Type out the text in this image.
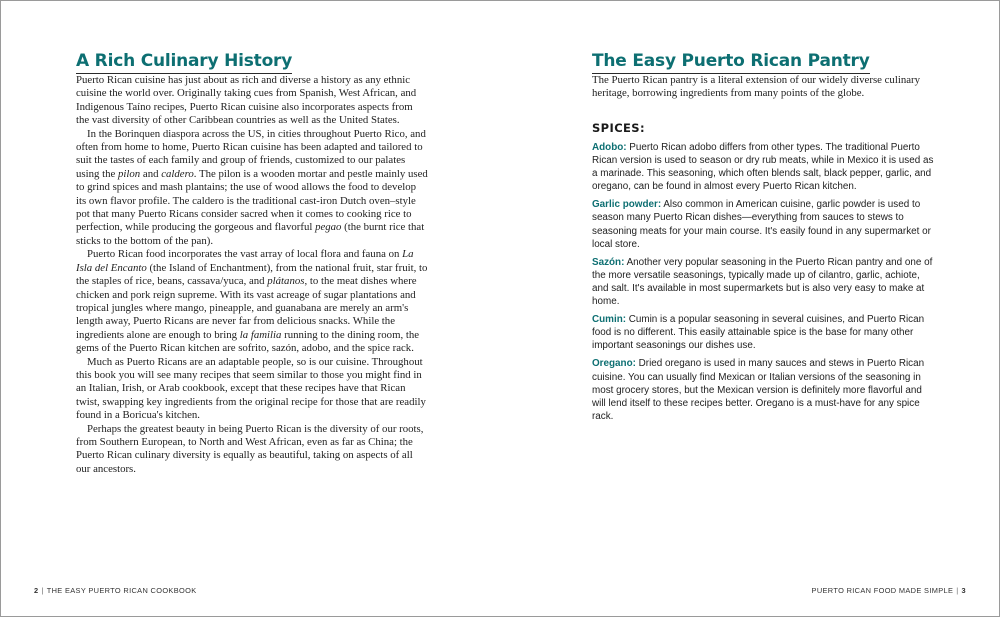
A Rich Culinary History

Puerto Rican cuisine has just about as rich and diverse a history as any ethnic cuisine the world over. Originally taking cues from Spanish, West African, and Indigenous Taíno recipes, Puerto Rican cuisine also incorporates aspects from the vast diversity of other Caribbean countries as well as the United States.

In the Borinquen diaspora across the US, in cities throughout Puerto Rico, and often from home to home, Puerto Rican cuisine has been adapted and tailored to suit the tastes of each family and group of friends, customized to our palates using the pilon and caldero. The pilon is a wooden mortar and pestle mainly used to grind spices and mash plantains; the use of wood allows the food to develop its own flavor profile. The caldero is the traditional cast-iron Dutch oven–style pot that many Puerto Ricans consider sacred when it comes to cooking rice to perfection, while producing the gorgeous and flavorful pegao (the burnt rice that sticks to the bottom of the pan).

Puerto Rican food incorporates the vast array of local flora and fauna on La Isla del Encanto (the Island of Enchantment), from the national fruit, star fruit, to the staples of rice, beans, cassava/yuca, and plátanos, to the meat dishes where chicken and pork reign supreme. With its vast acreage of sugar plantations and tropical jungles where mango, pineapple, and guanabana are merely an arm's length away, Puerto Ricans are never far from delicious snacks. While the ingredients alone are enough to bring la familia running to the dining room, the gems of the Puerto Rican kitchen are sofrito, sazón, adobo, and the spice rack.

Much as Puerto Ricans are an adaptable people, so is our cuisine. Throughout this book you will see many recipes that seem similar to those you might find in an Italian, Irish, or Arab cookbook, except that these recipes have that Rican twist, swapping key ingredients from the original recipe for those that are readily found in a Boricua's kitchen.

Perhaps the greatest beauty in being Puerto Rican is the diversity of our roots, from Southern European, to North and West African, even as far as China; the Puerto Rican culinary diversity is equally as beautiful, taking on aspects of all our ancestors.

2 | THE EASY PUERTO RICAN COOKBOOK

The Easy Puerto Rican Pantry

The Puerto Rican pantry is a literal extension of our widely diverse culinary heritage, borrowing ingredients from many points of the globe.

SPICES:

Adobo: Puerto Rican adobo differs from other types. The traditional Puerto Rican version is used to season or dry rub meats, while in Mexico it is used as a marinade. This seasoning, which often blends salt, black pepper, garlic, and oregano, can be found in almost every Puerto Rican kitchen.

Garlic powder: Also common in American cuisine, garlic powder is used to season many Puerto Rican dishes—everything from sauces to stews to seasoning meats for your main course. It's easily found in any supermarket or local store.

Sazón: Another very popular seasoning in the Puerto Rican pantry and one of the more versatile seasonings, typically made up of cilantro, garlic, achiote, and salt. It's available in most supermarkets but is also very easy to make at home.

Cumin: Cumin is a popular seasoning in several cuisines, and Puerto Rican food is no different. This easily attainable spice is the base for many other important seasonings our dishes use.

Oregano: Dried oregano is used in many sauces and stews in Puerto Rican cuisine. You can usually find Mexican or Italian versions of the seasoning in most grocery stores, but the Mexican version is definitely more flavorful and will lend itself to these recipes better. Oregano is a must-have for any spice rack.

PUERTO RICAN FOOD MADE SIMPLE | 3
